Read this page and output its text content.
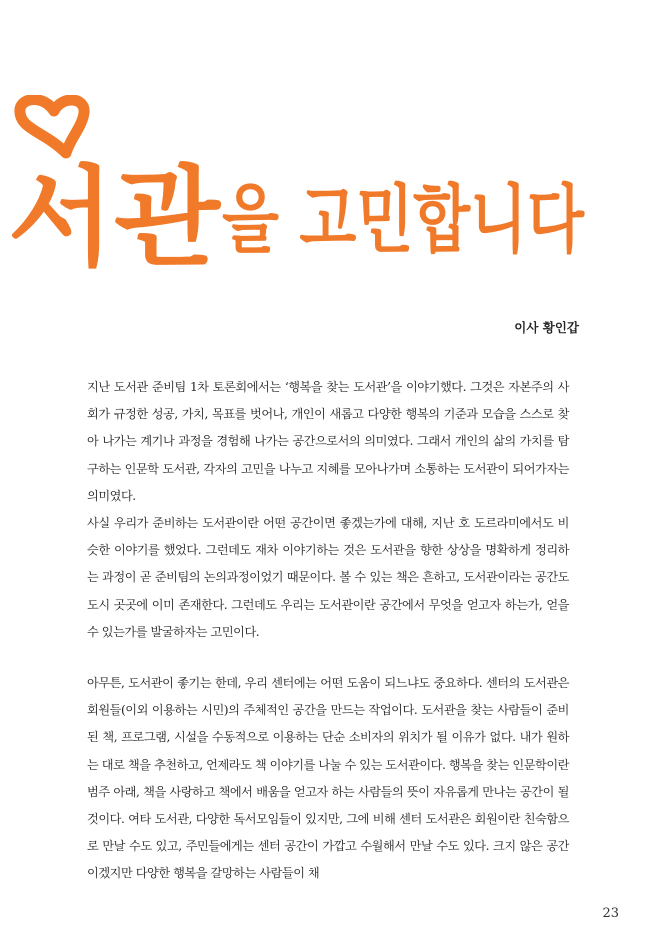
서관 을 고민합니다
이사 황인갑

지난 도서관 준비팀 1차 토론회에서는 ‘행복을 찾는 도서관’을 이야기했다. 그것은 자본주의 사회가 규정한 성공, 가치, 목표를 벗어나, 개인이 새롭고 다양한 행복의 기준과 모습을 스스로 찾아 나가는 계기나 과정을 경험해 나가는 공간으로서의 의미였다. 그래서 개인의 삶의 가치를 탐구하는 인문학 도서관, 각자의 고민을 나누고 지혜를 모아나가며 소통하는 도서관이 되어가자는 의미였다.

사실 우리가 준비하는 도서관이란 어떤 공간이면 좋겠는가에 대해, 지난 호 도르라미에서도 비슷한 이야기를 했었다. 그런데도 재차 이야기하는 것은 도서관을 향한 상상을 명확하게 정리하는 과정이 곧 준비팀의 논의과정이었기 때문이다. 볼 수 있는 책은 흔하고, 도서관이라는 공간도 도시 곳곳에 이미 존재한다. 그런데도 우리는 도서관이란 공간에서 무엇을 얻고자 하는가, 얻을 수 있는가를 발굴하자는 고민이다.

아무튼, 도서관이 좋기는 한데, 우리 센터에는 어떤 도움이 되느냐도 중요하다. 센터의 도서관은 회원들(이외 이용하는 시민)의 주체적인 공간을 만드는 작업이다. 도서관을 찾는 사람들이 준비된 책, 프로그램, 시설을 수동적으로 이용하는 단순 소비자의 위치가 될 이유가 없다. 내가 원하는 대로 책을 추천하고, 언제라도 책 이야기를 나눌 수 있는 도서관이다. 행복을 찾는 인문학이란 범주 아래, 책을 사랑하고 책에서 배움을 얻고자 하는 사람들의 뜻이 자유롭게 만나는 공간이 될 것이다. 여타 도서관, 다양한 독서모임들이 있지만, 그에 비해 센터 도서관은 회원이란 친숙함으로 만날 수도 있고, 주민들에게는 센터 공간이 가깝고 수월해서 만날 수도 있다. 크지 않은 공간이겠지만 다양한 행복을 갈망하는 사람들이 채

23
